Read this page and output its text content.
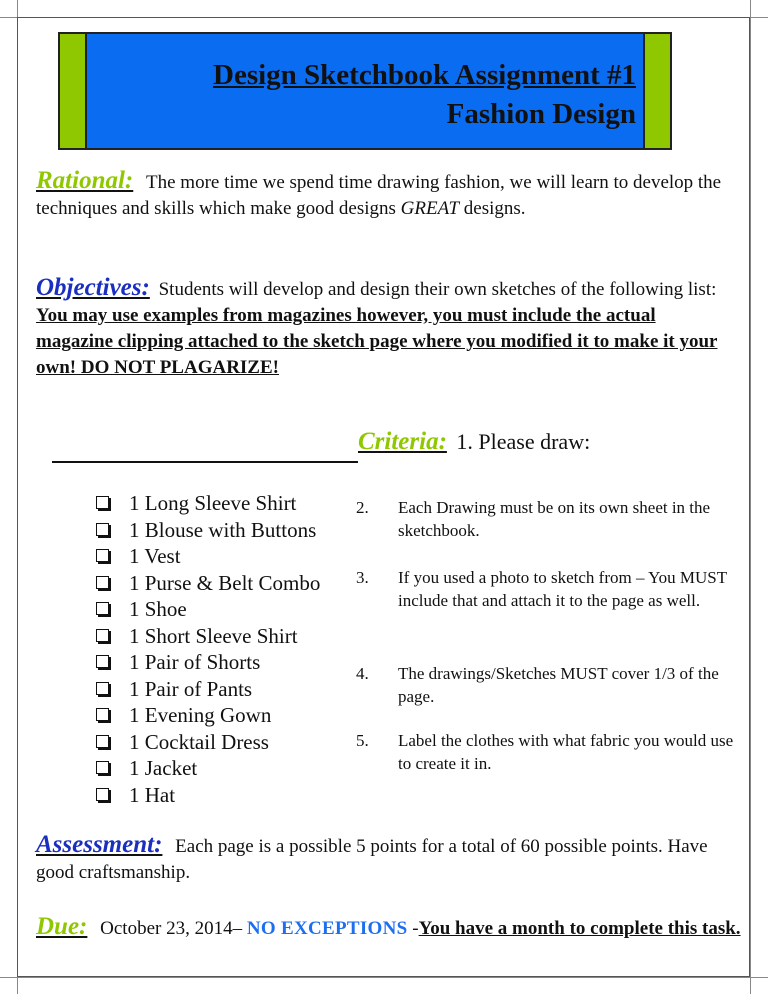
Design Sketchbook Assignment #1
Fashion Design
Rational: The more time we spend time drawing fashion, we will learn to develop the techniques and skills which make good designs GREAT designs.
Objectives: Students will develop and design their own sketches of the following list: You may use examples from magazines however, you must include the actual magazine clipping attached to the sketch page where you modified it to make it your own! DO NOT PLAGARIZE!
Criteria: 1. Please draw:
1 Long Sleeve Shirt
1 Blouse with Buttons
1 Vest
1 Purse & Belt Combo
1 Shoe
1 Short Sleeve Shirt
1 Pair of Shorts
1 Pair of Pants
1 Evening Gown
1 Cocktail Dress
1 Jacket
1 Hat
2.	Each Drawing must be on its own sheet in the sketchbook.
3.	If you used a photo to sketch from – You MUST include that and attach it to the page as well.
4.	The drawings/Sketches MUST cover 1/3 of the page.
5.	Label the clothes with what fabric you would use to create it in.
Assessment: Each page is a possible 5 points for a total of 60 possible points. Have good craftsmanship.
Due: October 23, 2014– NO EXCEPTIONS -You have a month to complete this task.
